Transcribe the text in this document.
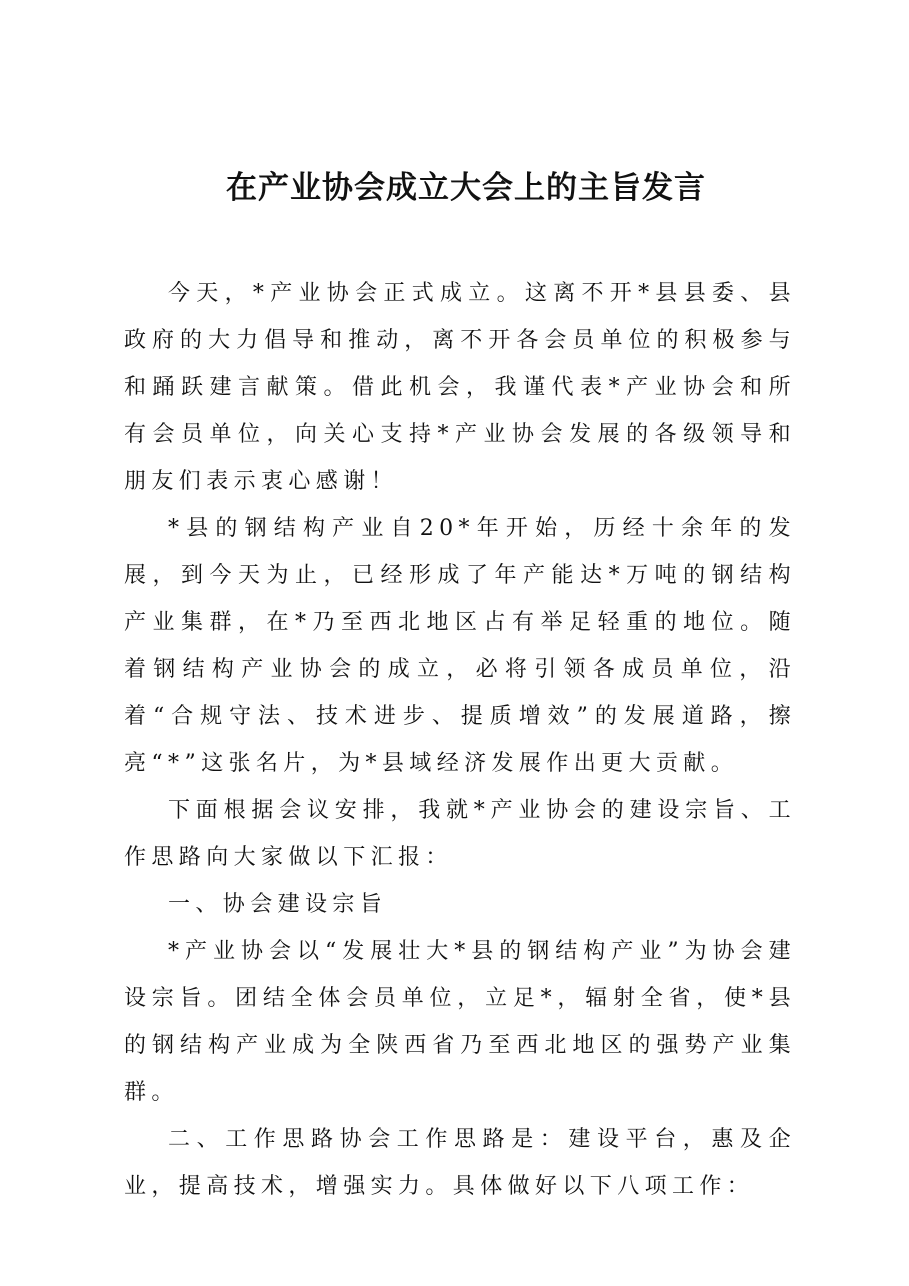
在产业协会成立大会上的主旨发言

今天，*产业协会正式成立。这离不开*县县委、县政府的大力倡导和推动，离不开各会员单位的积极参与和踊跃建言献策。借此机会，我谨代表*产业协会和所有会员单位，向关心支持*产业协会发展的各级领导和朋友们表示衷心感谢！

*县的钢结构产业自20*年开始，历经十余年的发展，到今天为止，已经形成了年产能达*万吨的钢结构产业集群，在*乃至西北地区占有举足轻重的地位。随着钢结构产业协会的成立，必将引领各成员单位，沿着“合规守法、技术进步、提质增效”的发展道路，擦亮“*”这张名片，为*县域经济发展作出更大贡献。

下面根据会议安排，我就*产业协会的建设宗旨、工作思路向大家做以下汇报：

一、协会建设宗旨

*产业协会以“发展壮大*县的钢结构产业”为协会建设宗旨。团结全体会员单位，立足*，辐射全省，使*县的钢结构产业成为全陕西省乃至西北地区的强势产业集群。

二、工作思路协会工作思路是：建设平台，惠及企业，提高技术，增强实力。具体做好以下八项工作：
